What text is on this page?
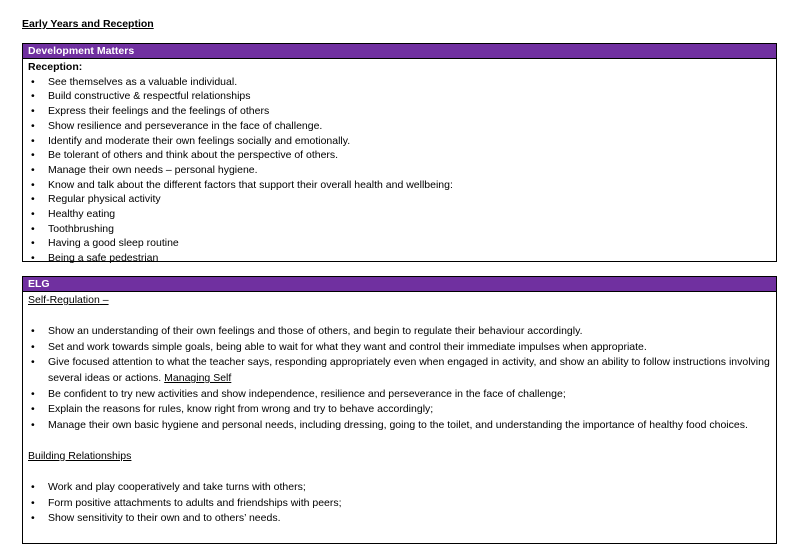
Early Years and Reception
Development Matters
Reception:
• See themselves as a valuable individual.
• Build constructive & respectful relationships
• Express their feelings and the feelings of others
• Show resilience and perseverance in the face of challenge.
• Identify and moderate their own feelings socially and emotionally.
• Be tolerant of others and think about the perspective of others.
• Manage their own needs – personal hygiene.
• Know and talk about the different factors that support their overall health and wellbeing:
• Regular physical activity
• Healthy eating
• Toothbrushing
• Having a good sleep routine
• Being a safe pedestrian
ELG
Self-Regulation –
• Show an understanding of their own feelings and those of others, and begin to regulate their behaviour accordingly.
• Set and work towards simple goals, being able to wait for what they want and control their immediate impulses when appropriate.
• Give focused attention to what the teacher says, responding appropriately even when engaged in activity, and show an ability to follow instructions involving several ideas or actions. Managing Self
• Be confident to try new activities and show independence, resilience and perseverance in the face of challenge;
• Explain the reasons for rules, know right from wrong and try to behave accordingly;
• Manage their own basic hygiene and personal needs, including dressing, going to the toilet, and understanding the importance of healthy food choices.
Building Relationships
• Work and play cooperatively and take turns with others;
• Form positive attachments to adults and friendships with peers;
• Show sensitivity to their own and to others’ needs.
